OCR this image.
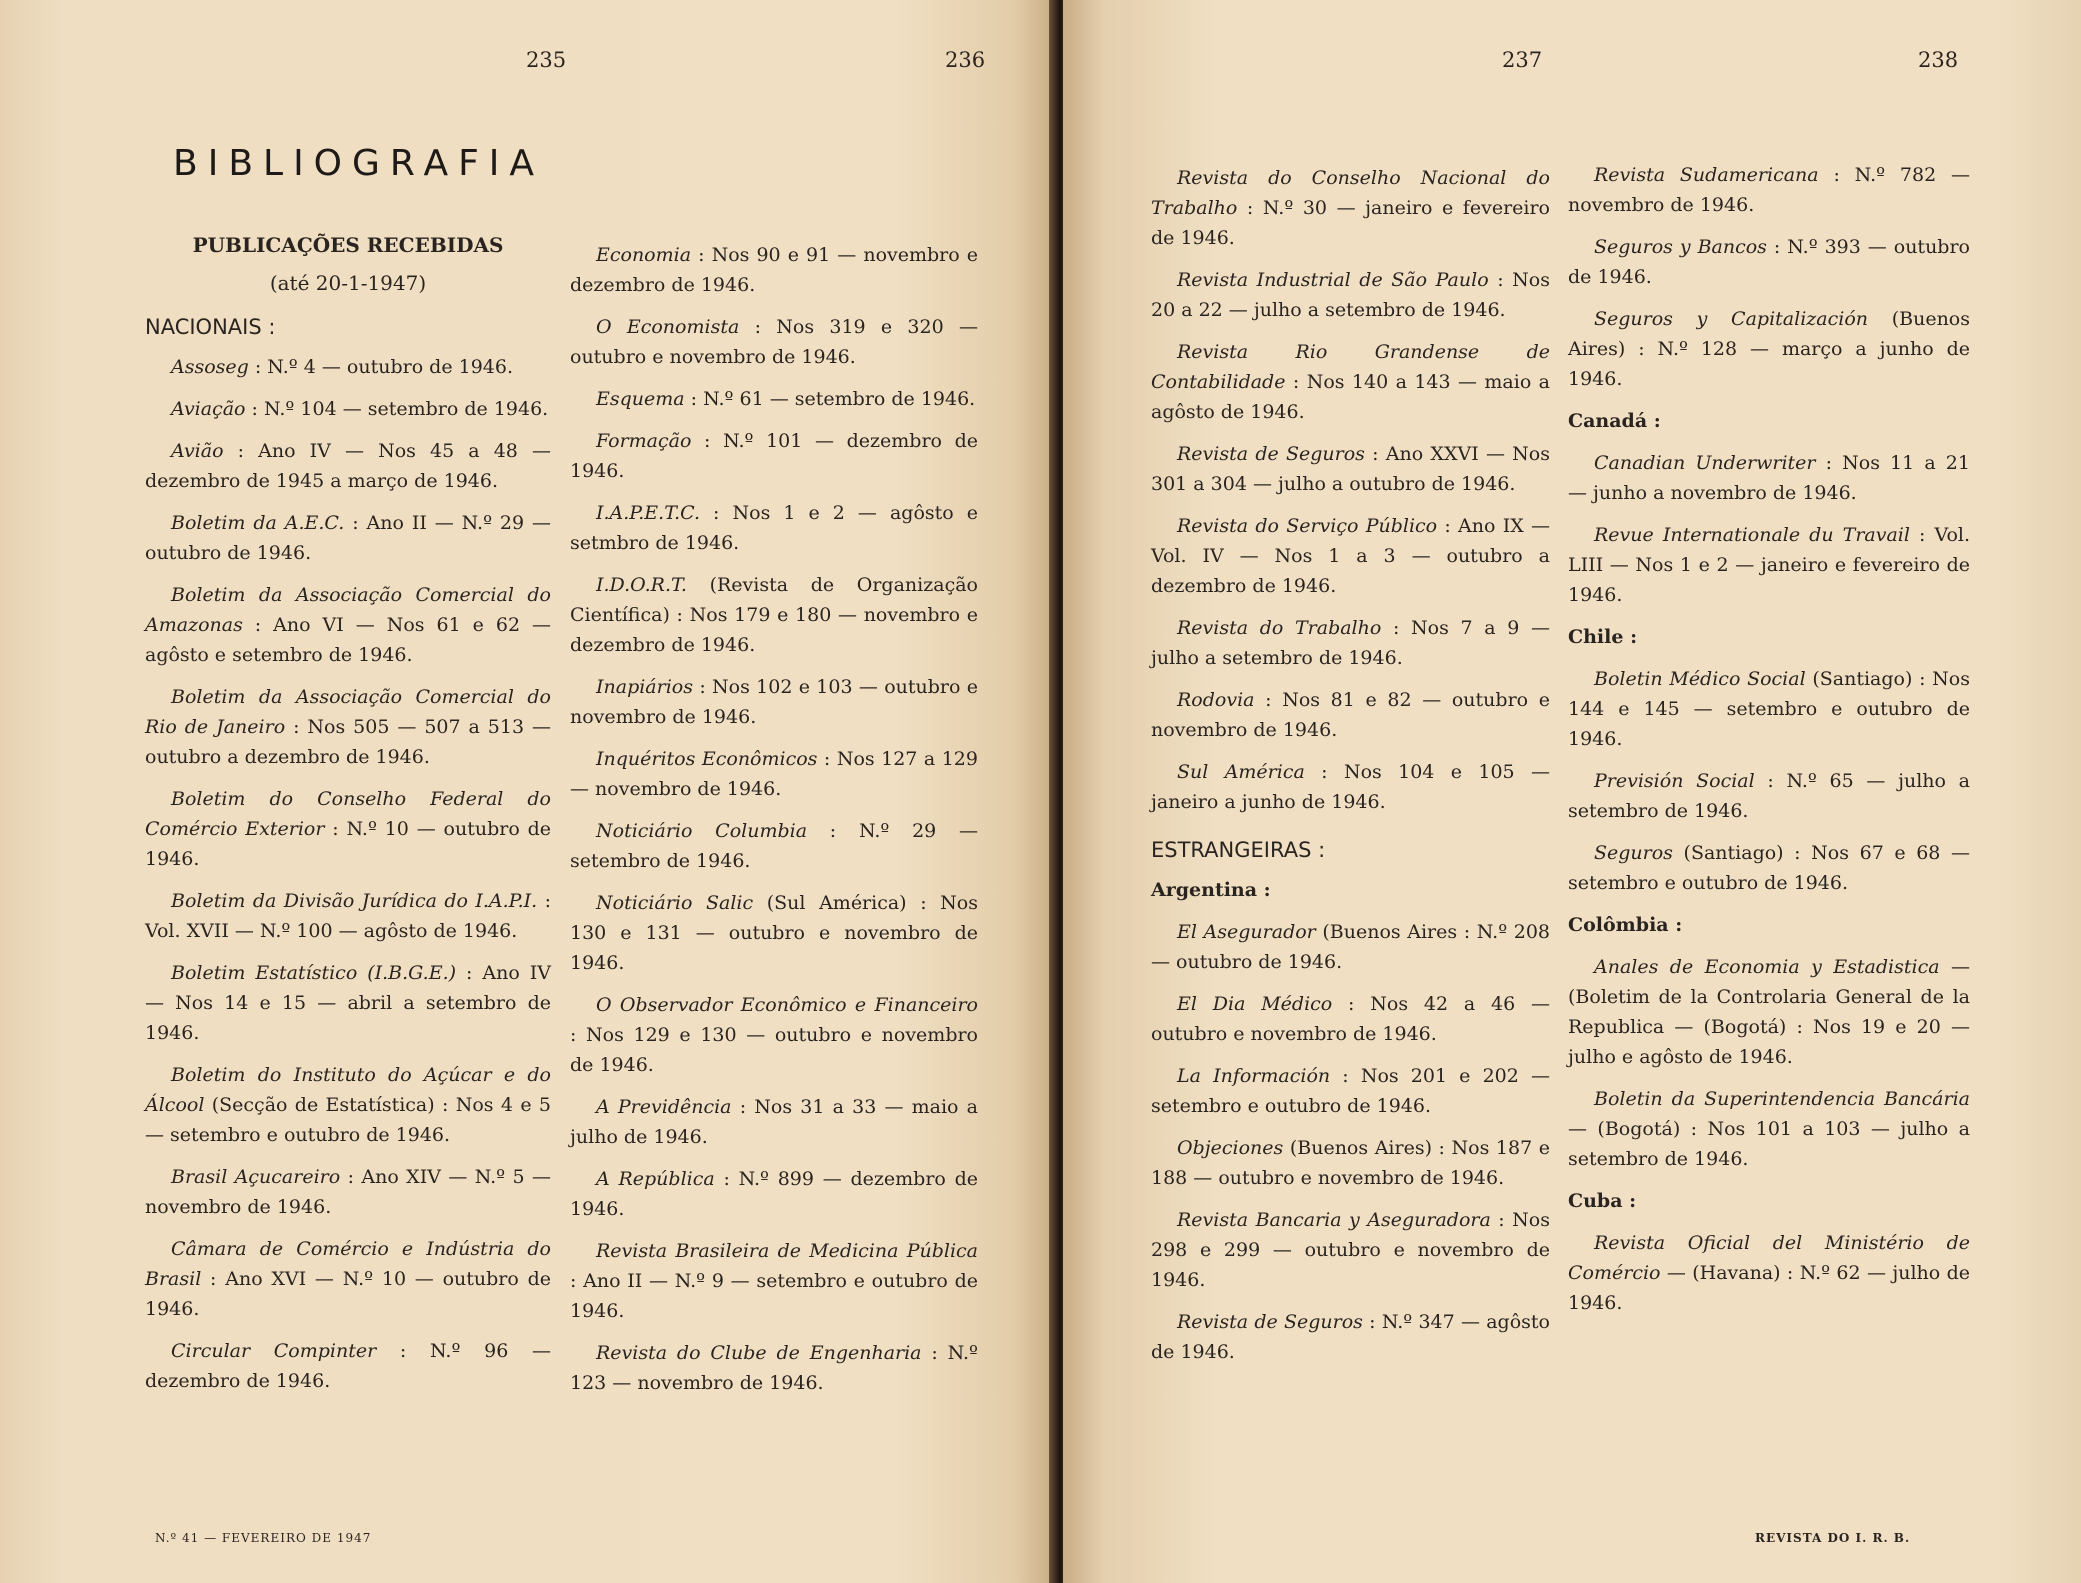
235	236
BIBLIOGRAFIA
PUBLICAÇÕES RECEBIDAS
(até 20-1-1947)
NACIONAIS :
Assoseg : N.º 4 — outubro de 1946.
Aviação : N.º 104 — setembro de 1946.
Avião : Ano IV — Nos 45 a 48 — dezembro de 1945 a março de 1946.
Boletim da A.E.C. : Ano II — N.º 29 — outubro de 1946.
Boletim da Associação Comercial do Amazonas : Ano VI — Nos 61 e 62 — agôsto e setembro de 1946.
Boletim da Associação Comercial do Rio de Janeiro : Nos 505 — 507 a 513 — outubro a dezembro de 1946.
Boletim do Conselho Federal do Comércio Exterior : N.º 10 — outubro de 1946.
Boletim da Divisão Jurídica do I.A.P.I. : Vol. XVII — N.º 100 — agôsto de 1946.
Boletim Estatístico (I.B.G.E.) : Ano IV — Nos 14 e 15 — abril a setembro de 1946.
Boletim do Instituto do Açúcar e do Álcool (Secção de Estatística) : Nos 4 e 5 — setembro e outubro de 1946.
Brasil Açucareiro : Ano XIV — N.º 5 — novembro de 1946.
Câmara de Comércio e Indústria do Brasil : Ano XVI — N.º 10 — outubro de 1946.
Circular Compinter : N.º 96 — dezembro de 1946.
Economia : Nos 90 e 91 — novembro e dezembro de 1946.
O Economista : Nos 319 e 320 — outubro e novembro de 1946.
Esquema : N.º 61 — setembro de 1946.
Formação : N.º 101 — dezembro de 1946.
I.A.P.E.T.C. : Nos 1 e 2 — agôsto e setmbro de 1946.
I.D.O.R.T. (Revista de Organização Científica) : Nos 179 e 180 — novembro e dezembro de 1946.
Inapiários : Nos 102 e 103 — outubro e novembro de 1946.
Inquéritos Econômicos : Nos 127 a 129 — novembro de 1946.
Noticiário Columbia : N.º 29 — setembro de 1946.
Noticiário Salic (Sul América) : Nos 130 e 131 — outubro e novembro de 1946.
O Observador Econômico e Financeiro : Nos 129 e 130 — outubro e novembro de 1946.
A Previdência : Nos 31 a 33 — maio a julho de 1946.
A República : N.º 899 — dezembro de 1946.
Revista Brasileira de Medicina Pública : Ano II — N.º 9 — setembro e outubro de 1946.
Revista do Clube de Engenharia : N.º 123 — novembro de 1946.
N.º 41 — FEVEREIRO DE 1947
237	238
Revista do Conselho Nacional do Trabalho : N.º 30 — janeiro e fevereiro de 1946.
Revista Industrial de São Paulo : Nos 20 a 22 — julho a setembro de 1946.
Revista Rio Grandense de Contabilidade : Nos 140 a 143 — maio a agôsto de 1946.
Revista de Seguros : Ano XXVI — Nos 301 a 304 — julho a outubro de 1946.
Revista do Serviço Público : Ano IX — Vol. IV — Nos 1 a 3 — outubro a dezembro de 1946.
Revista do Trabalho : Nos 7 a 9 — julho a setembro de 1946.
Rodovia : Nos 81 e 82 — outubro e novembro de 1946.
Sul América : Nos 104 e 105 — janeiro a junho de 1946.
ESTRANGEIRAS :
Argentina :
El Asegurador (Buenos Aires : N.º 208 — outubro de 1946.
El Dia Médico : Nos 42 a 46 — outubro e novembro de 1946.
La Información : Nos 201 e 202 — setembro e outubro de 1946.
Objeciones (Buenos Aires) : Nos 187 e 188 — outubro e novembro de 1946.
Revista Bancaria y Aseguradora : Nos 298 e 299 — outubro e novembro de 1946.
Revista de Seguros : N.º 347 — agôsto de 1946.
Revista Sudamericana : N.º 782 — novembro de 1946.
Seguros y Bancos : N.º 393 — outubro de 1946.
Seguros y Capitalización (Buenos Aires) : N.º 128 — março a junho de 1946.
Canadá :
Canadian Underwriter : Nos 11 a 21 — junho a novembro de 1946.
Revue Internationale du Travail : Vol. LIII — Nos 1 e 2 — janeiro e fevereiro de 1946.
Chile :
Boletin Médico Social (Santiago) : Nos 144 e 145 — setembro e outubro de 1946.
Previsión Social : N.º 65 — julho a setembro de 1946.
Seguros (Santiago) : Nos 67 e 68 — setembro e outubro de 1946.
Colômbia :
Anales de Economia y Estadistica — (Boletim de la Controlaria General de la Republica — (Bogotá) : Nos 19 e 20 — julho e agôsto de 1946.
Boletin da Superintendencia Bancária — (Bogotá) : Nos 101 a 103 — julho a setembro de 1946.
Cuba :
Revista Oficial del Ministério de Comércio — (Havana) : N.º 62 — julho de 1946.
REVISTA DO I. R. B.
